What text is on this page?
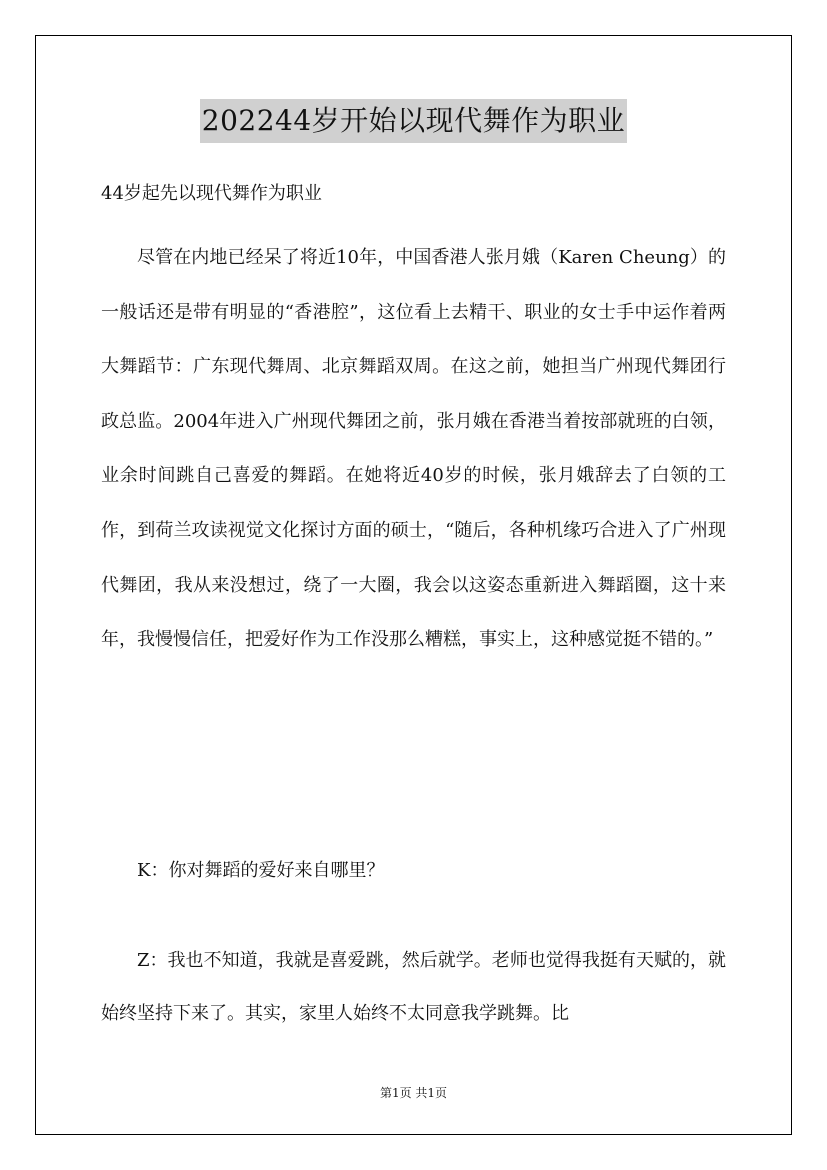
202244岁开始以现代舞作为职业
44岁起先以现代舞作为职业
尽管在内地已经呆了将近10年，中国香港人张月娥（Karen Cheung）的一般话还是带有明显的“香港腔”，这位看上去精干、职业的女士手中运作着两大舞蹈节：广东现代舞周、北京舞蹈双周。在这之前，她担当广州现代舞团行政总监。2004年进入广州现代舞团之前，张月娥在香港当着按部就班的白领，业余时间跳自己喜爱的舞蹈。在她将近40岁的时候，张月娥辞去了白领的工作，到荷兰攻读视觉文化探讨方面的硕士，“随后，各种机缘巧合进入了广州现代舞团，我从来没想过，绕了一大圈，我会以这姿态重新进入舞蹈圈，这十来年，我慢慢信任，把爱好作为工作没那么糟糕，事实上，这种感觉挺不错的。”
K：你对舞蹈的爱好来自哪里？
Z：我也不知道，我就是喜爱跳，然后就学。老师也觉得我挺有天赋的，就始终坚持下来了。其实，家里人始终不太同意我学跳舞。比
第1页 共1页
